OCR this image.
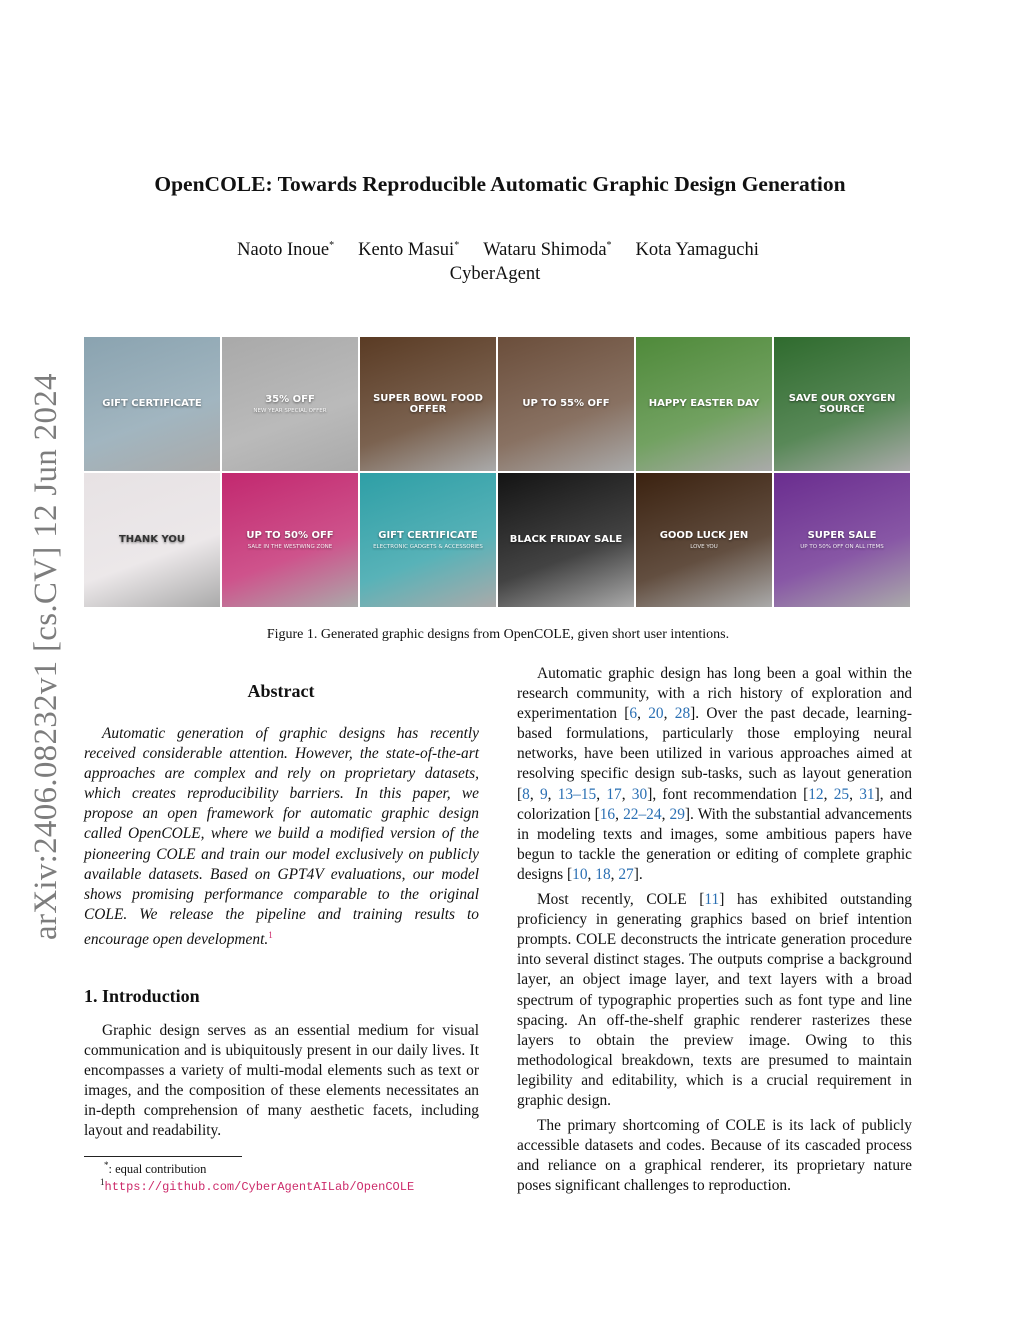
arXiv:2406.08232v1 [cs.CV] 12 Jun 2024
OpenCOLE: Towards Reproducible Automatic Graphic Design Generation
Naoto Inoue* Kento Masui* Wataru Shimoda* Kota Yamaguchi
CyberAgent
GIFT CERTIFICATE	35% OFF
NEW YEAR SPECIAL OFFER
SUPER BOWL FOOD OFFER
UP TO 55% OFF	HAPPY EASTER DAY
SAVE OUR OXYGEN SOURCE
THANK YOU	UP TO 50% OFF
SALE IN THE WESTWING ZONE
GIFT CERTIFICATE
ELECTRONIC GADGETS & ACCESSORIES
BLACK FRIDAY SALE	GOOD LUCK JEN
LOVE YOU
SUPER SALE
UP TO 50% OFF ON ALL ITEMS
Figure 1. Generated graphic designs from OpenCOLE, given short user intentions.
Abstract
Automatic generation of graphic designs has recently received considerable attention. However, the state-of-the-art approaches are complex and rely on proprietary datasets, which creates reproducibility barriers. In this paper, we propose an open framework for automatic graphic design called OpenCOLE, where we build a modified version of the pioneering COLE and train our model exclusively on publicly available datasets. Based on GPT4V evaluations, our model shows promising performance comparable to the original COLE. We release the pipeline and training results to encourage open development.$^1$
1. Introduction
Graphic design serves as an essential medium for visual communication and is ubiquitously present in our daily lives. It encompasses a variety of multi-modal elements such as text or images, and the composition of these elements necessitates an in-depth comprehension of many aesthetic facets, including layout and readability.
*: equal contribution
$^1$https://github.com/CyberAgentAILab/OpenCOLE

Automatic graphic design has long been a goal within the research community, with a rich history of exploration and experimentation [6, 20, 28]. Over the past decade, learning-based formulations, particularly those employing neural networks, have been utilized in various approaches aimed at resolving specific design sub-tasks, such as layout generation [8, 9, 13–15, 17, 30], font recommendation [12, 25, 31], and colorization [16, 22–24, 29]. With the substantial advancements in modeling texts and images, some ambitious papers have begun to tackle the generation or editing of complete graphic designs [10, 18, 27].

Most recently, COLE [11] has exhibited outstanding proficiency in generating graphics based on brief intention prompts. COLE deconstructs the intricate generation procedure into several distinct stages. The outputs comprise a background layer, an object image layer, and text layers with a broad spectrum of typographic properties such as font type and line spacing. An off-the-shelf graphic renderer rasterizes these layers to obtain the preview image. Owing to this methodological breakdown, texts are presumed to maintain legibility and editability, which is a crucial requirement in graphic design.

The primary shortcoming of COLE is its lack of publicly accessible datasets and codes. Because of its cascaded process and reliance on a graphical renderer, its proprietary nature poses significant challenges to reproduction.
